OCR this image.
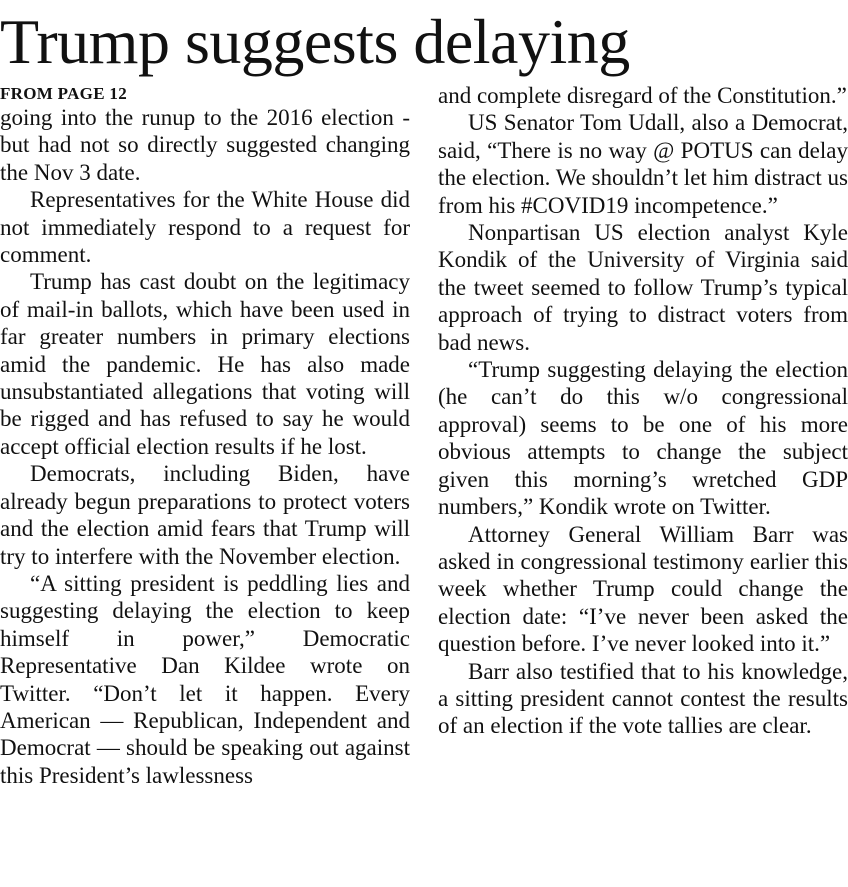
Trump suggests delaying
FROM PAGE 12

going into the runup to the 2016 election - but had not so directly suggested changing the Nov 3 date.

Representatives for the White House did not immediately respond to a request for comment.

Trump has cast doubt on the legitimacy of mail-in ballots, which have been used in far greater numbers in primary elections amid the pandemic. He has also made unsubstantiated allegations that voting will be rigged and has refused to say he would accept official election results if he lost.

Democrats, including Biden, have already begun preparations to protect voters and the election amid fears that Trump will try to interfere with the November election.

“A sitting president is peddling lies and suggesting delaying the election to keep himself in power,” Democratic Representative Dan Kildee wrote on Twitter. “Don’t let it happen. Every American — Republican, Independent and Democrat — should be speaking out against this President’s lawlessness

and complete disregard of the Constitution.”

US Senator Tom Udall, also a Democrat, said, “There is no way @ POTUS can delay the election. We shouldn’t let him distract us from his #COVID19 incompetence.”

Nonpartisan US election analyst Kyle Kondik of the University of Virginia said the tweet seemed to follow Trump’s typical approach of trying to distract voters from bad news.

“Trump suggesting delaying the election (he can’t do this w/o congressional approval) seems to be one of his more obvious attempts to change the subject given this morning’s wretched GDP numbers,” Kondik wrote on Twitter.

Attorney General William Barr was asked in congressional testimony earlier this week whether Trump could change the election date: “I’ve never been asked the question before. I’ve never looked into it.”

Barr also testified that to his knowledge, a sitting president cannot contest the results of an election if the vote tallies are clear.
